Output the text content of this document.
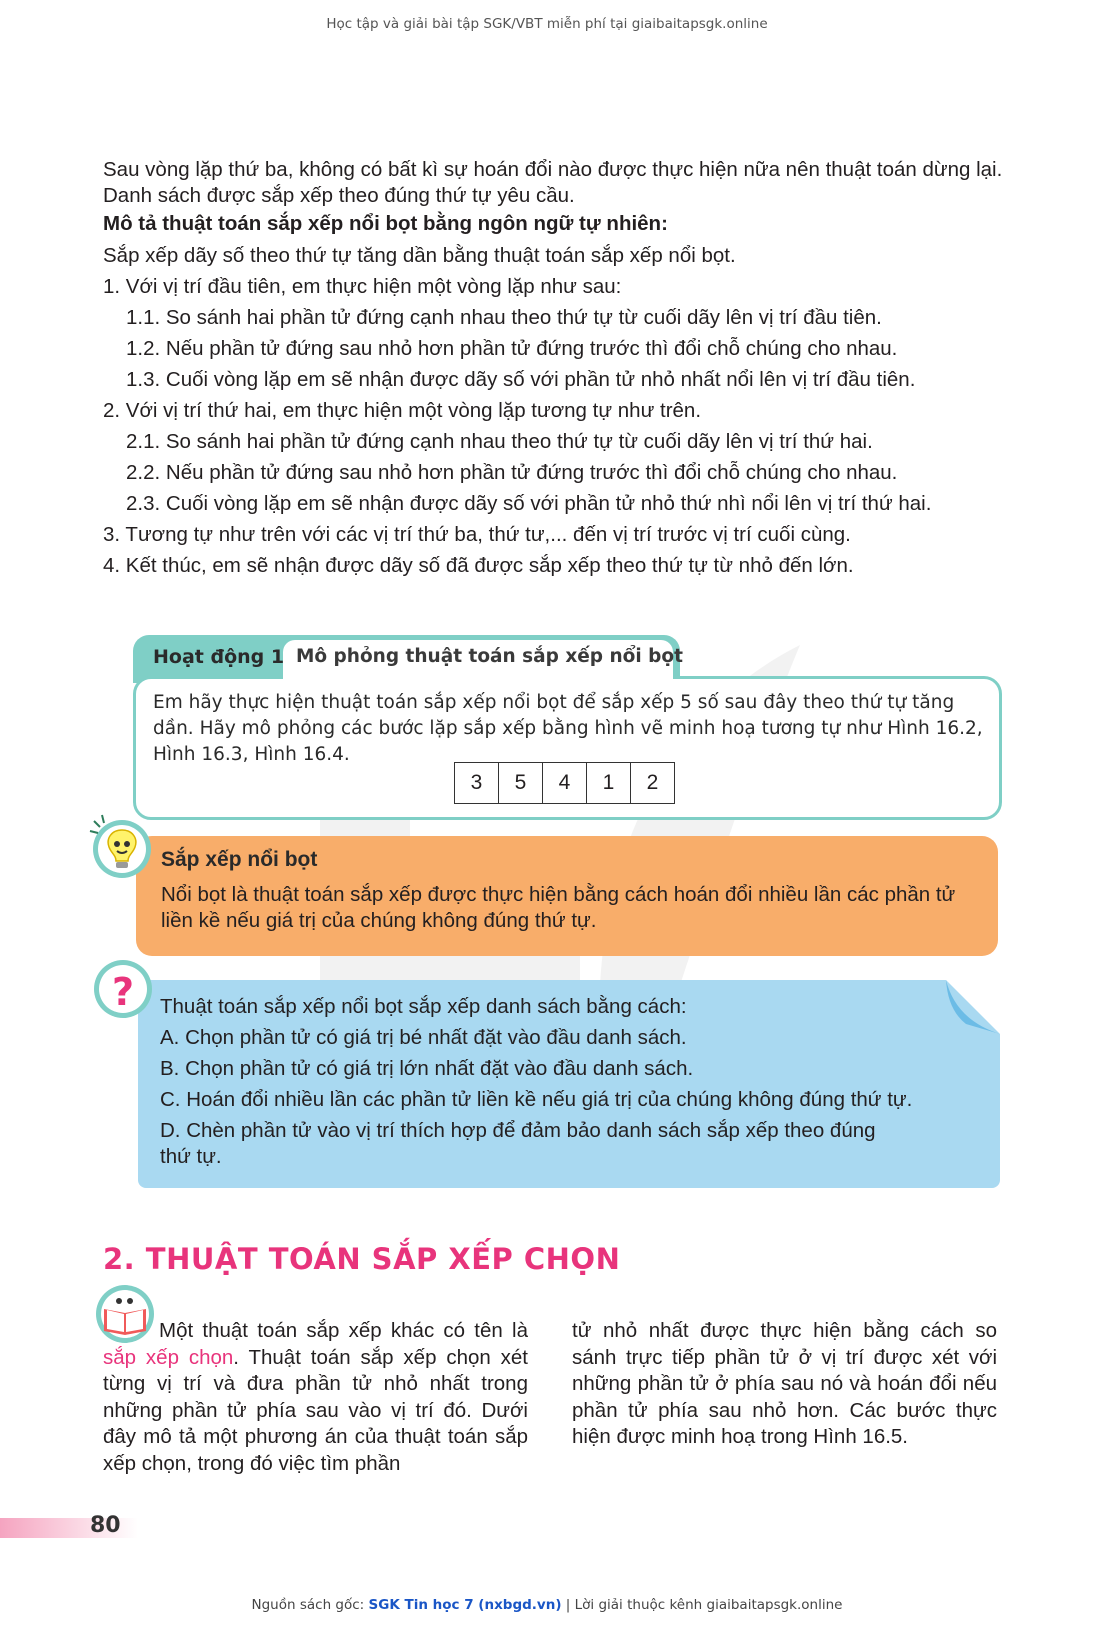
Học tập và giải bài tập SGK/VBT miễn phí tại giaibaitapsgk.online
Sau vòng lặp thứ ba, không có bất kì sự hoán đổi nào được thực hiện nữa nên thuật toán dừng lại. Danh sách được sắp xếp theo đúng thứ tự yêu cầu.
Mô tả thuật toán sắp xếp nổi bọt bằng ngôn ngữ tự nhiên:
Sắp xếp dãy số theo thứ tự tăng dần bằng thuật toán sắp xếp nổi bọt.
1. Với vị trí đầu tiên, em thực hiện một vòng lặp như sau:
1.1. So sánh hai phần tử đứng cạnh nhau theo thứ tự từ cuối dãy lên vị trí đầu tiên.
1.2. Nếu phần tử đứng sau nhỏ hơn phần tử đứng trước thì đổi chỗ chúng cho nhau.
1.3. Cuối vòng lặp em sẽ nhận được dãy số với phần tử nhỏ nhất nổi lên vị trí đầu tiên.
2. Với vị trí thứ hai, em thực hiện một vòng lặp tương tự như trên.
2.1. So sánh hai phần tử đứng cạnh nhau theo thứ tự từ cuối dãy lên vị trí thứ hai.
2.2. Nếu phần tử đứng sau nhỏ hơn phần tử đứng trước thì đổi chỗ chúng cho nhau.
2.3. Cuối vòng lặp em sẽ nhận được dãy số với phần tử nhỏ thứ nhì nổi lên vị trí thứ hai.
3. Tương tự như trên với các vị trí thứ ba, thứ tư,... đến vị trí trước vị trí cuối cùng.
4. Kết thúc, em sẽ nhận được dãy số đã được sắp xếp theo thứ tự từ nhỏ đến lớn.
Hoạt động 1 Mô phỏng thuật toán sắp xếp nổi bọt
Em hãy thực hiện thuật toán sắp xếp nổi bọt để sắp xếp 5 số sau đây theo thứ tự tăng dần. Hãy mô phỏng các bước lặp sắp xếp bằng hình vẽ minh hoạ tương tự như Hình 16.2, Hình 16.3, Hình 16.4.
3	5	4	1	2
Sắp xếp nổi bọt
Nổi bọt là thuật toán sắp xếp được thực hiện bằng cách hoán đổi nhiều lần các phần tử liền kề nếu giá trị của chúng không đúng thứ tự.
? Thuật toán sắp xếp nổi bọt sắp xếp danh sách bằng cách:
A. Chọn phần tử có giá trị bé nhất đặt vào đầu danh sách.
B. Chọn phần tử có giá trị lớn nhất đặt vào đầu danh sách.
C. Hoán đổi nhiều lần các phần tử liền kề nếu giá trị của chúng không đúng thứ tự.
D. Chèn phần tử vào vị trí thích hợp để đảm bảo danh sách sắp xếp theo đúng
thứ tự.
2. THUẬT TOÁN SẮP XẾP CHỌN
Một thuật toán sắp xếp khác có tên là sắp xếp chọn. Thuật toán sắp xếp chọn xét từng vị trí và đưa phần tử nhỏ nhất trong những phần tử phía sau vào vị trí đó. Dưới đây mô tả một phương án của thuật toán sắp xếp chọn, trong đó việc tìm phần
tử nhỏ nhất được thực hiện bằng cách so sánh trực tiếp phần tử ở vị trí được xét với những phần tử ở phía sau nó và hoán đổi nếu phần tử phía sau nhỏ hơn. Các bước thực hiện được minh hoạ trong Hình 16.5.
80
Nguồn sách gốc: SGK Tin học 7 (nxbgd.vn) | Lời giải thuộc kênh giaibaitapsgk.online
